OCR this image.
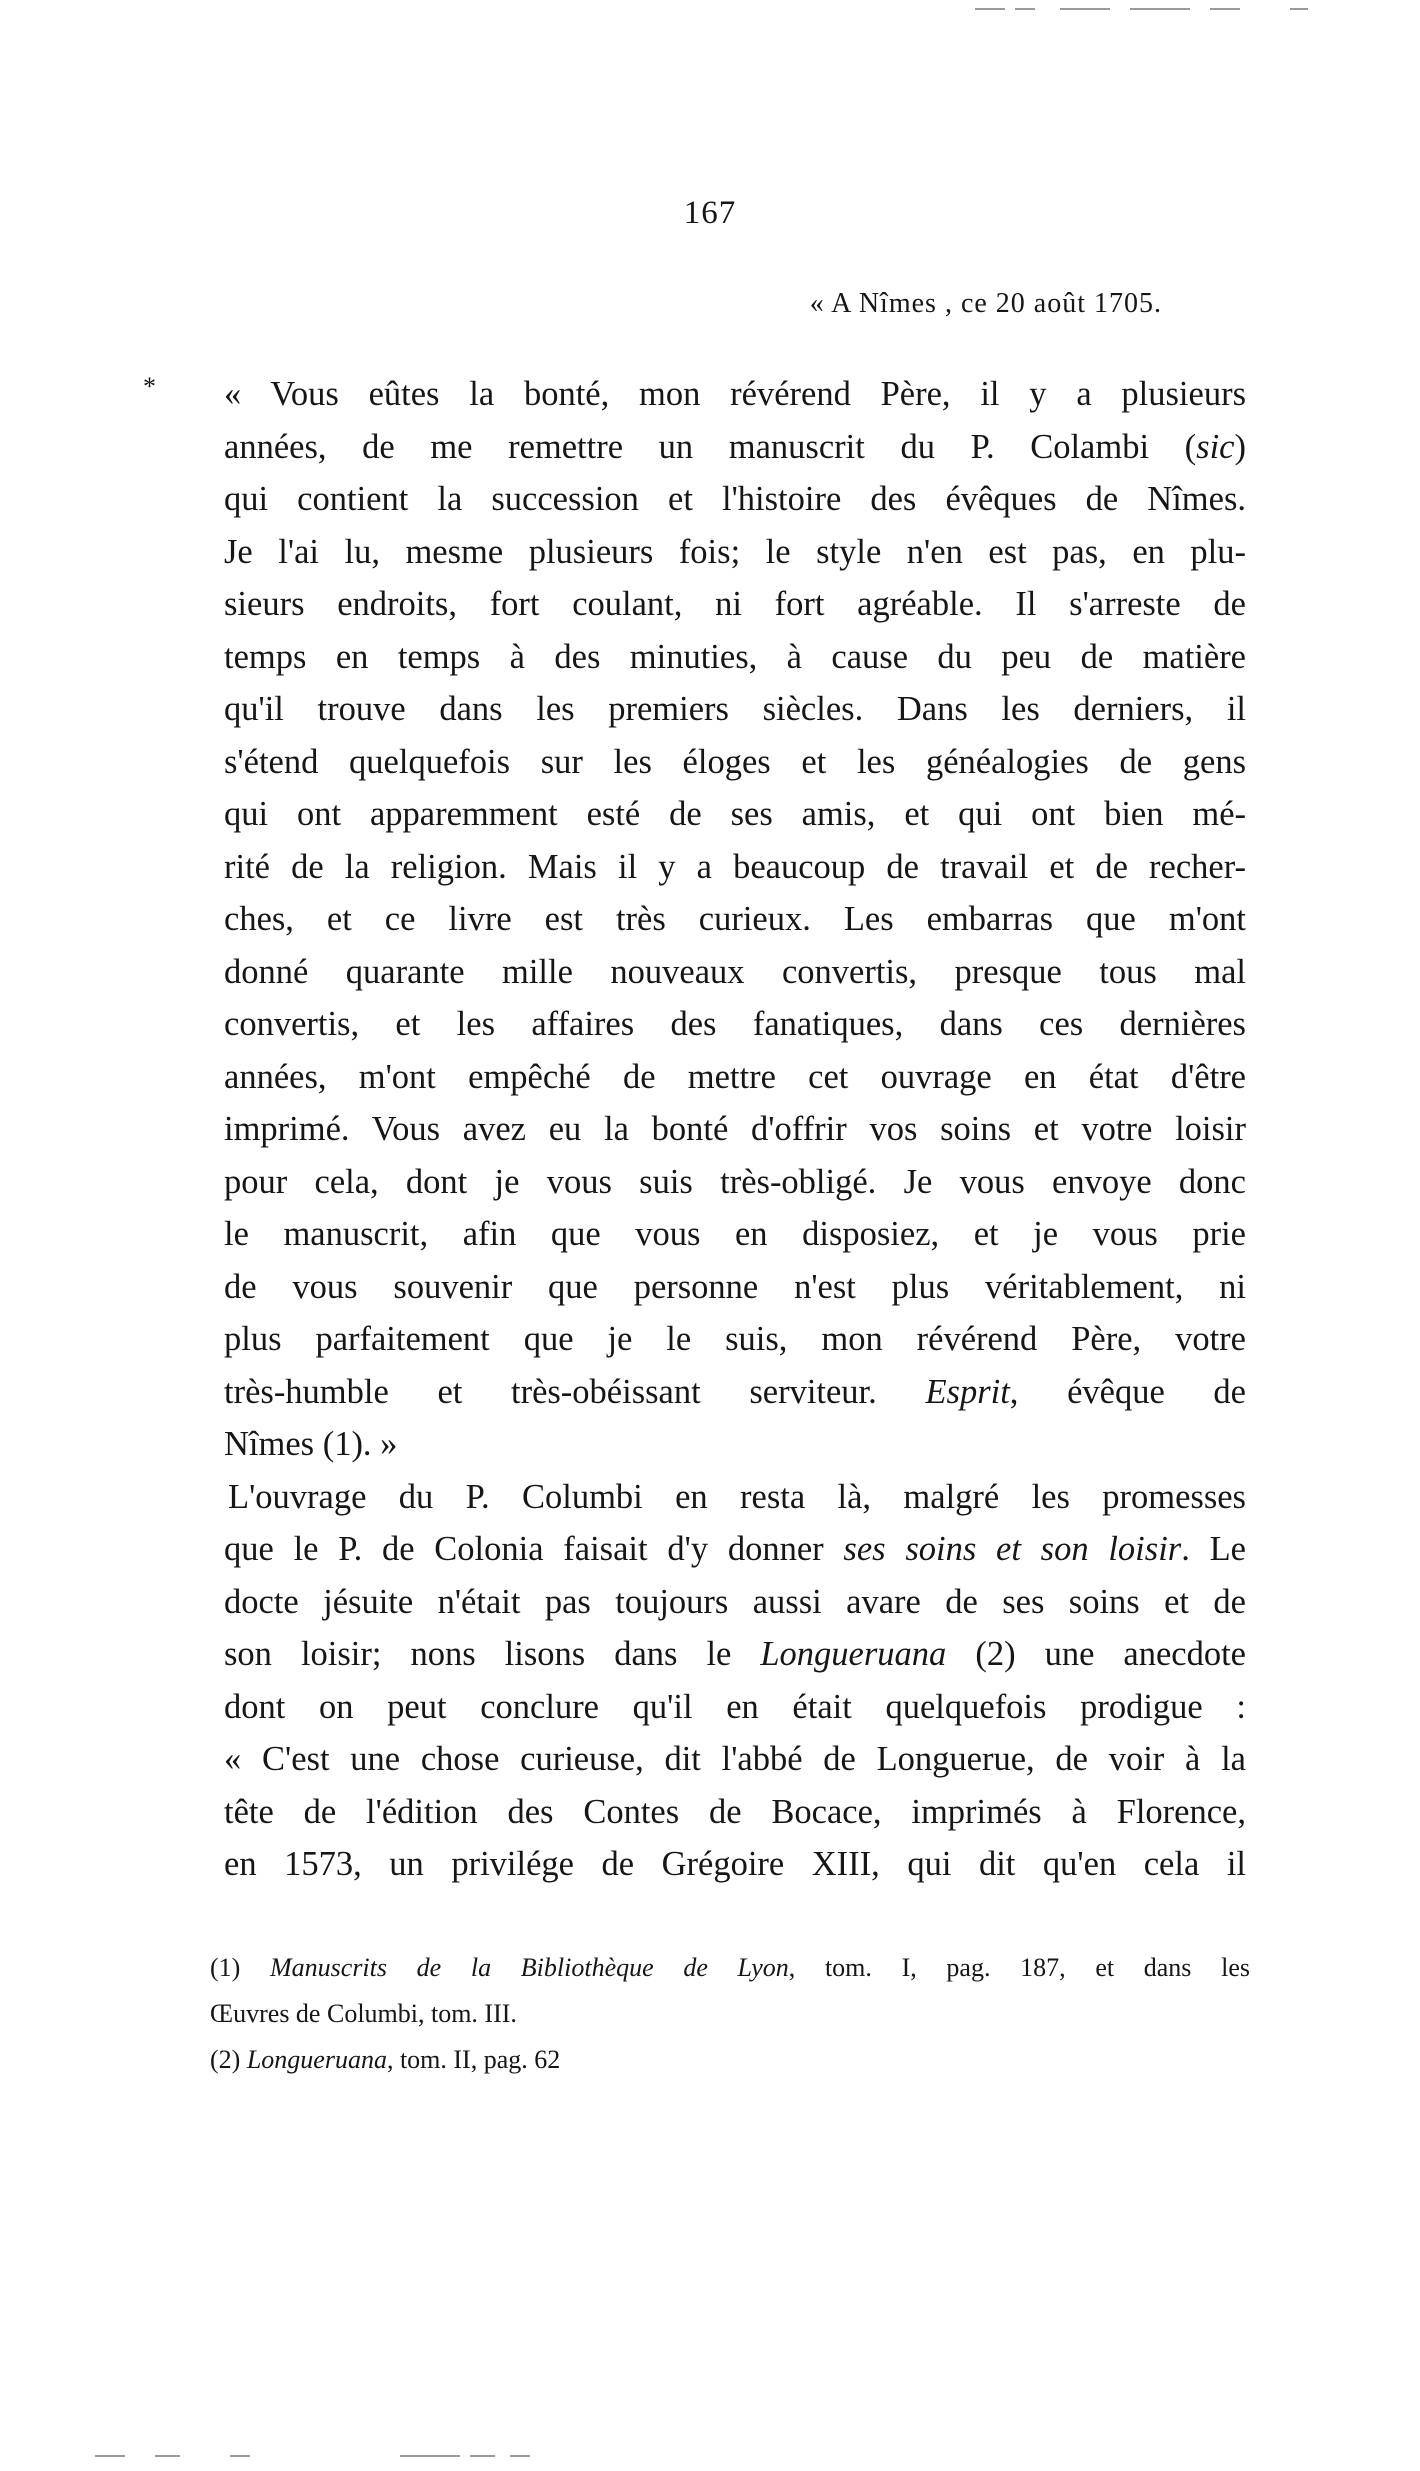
167
« A Nîmes , ce 20 août 1705.
* « Vous eûtes la bonté, mon révérend Père, il y a plusieurs
années, de me remettre un manuscrit du P. Colambi (sic)
qui contient la succession et l'histoire des évêques de Nîmes.
Je l'ai lu, mesme plusieurs fois; le style n'en est pas, en plu-
sieurs endroits, fort coulant, ni fort agréable. Il s'arreste de
temps en temps à des minuties, à cause du peu de matière
qu'il trouve dans les premiers siècles. Dans les derniers, il
s'étend quelquefois sur les éloges et les généalogies de gens
qui ont apparemment esté de ses amis, et qui ont bien mé-
rité de la religion. Mais il y a beaucoup de travail et de recher-
ches, et ce livre est très curieux. Les embarras que m'ont
donné quarante mille nouveaux convertis, presque tous mal
convertis, et les affaires des fanatiques, dans ces dernières
années, m'ont empêché de mettre cet ouvrage en état d'être
imprimé. Vous avez eu la bonté d'offrir vos soins et votre loisir
pour cela, dont je vous suis très-obligé. Je vous envoye donc
le manuscrit, afin que vous en disposiez, et je vous prie
de vous souvenir que personne n'est plus véritablement, ni
plus parfaitement que je le suis, mon révérend Père, votre
très-humble et très-obéissant serviteur. Esprit, évêque de
Nîmes (1). »
L'ouvrage du P. Columbi en resta là, malgré les promesses
que le P. de Colonia faisait d'y donner ses soins et son loisir. Le
docte jésuite n'était pas toujours aussi avare de ses soins et de
son loisir; nons lisons dans le Longueruana (2) une anecdote
dont on peut conclure qu'il en était quelquefois prodigue :
« C'est une chose curieuse, dit l'abbé de Longuerue, de voir à la
tête de l'édition des Contes de Bocace, imprimés à Florence,
en 1573, un privilége de Grégoire XIII, qui dit qu'en cela il
(1) Manuscrits de la Bibliothèque de Lyon, tom. I, pag. 187, et dans les
Œuvres de Columbi, tom. III.
(2) Longueruana, tom. II, pag. 62
